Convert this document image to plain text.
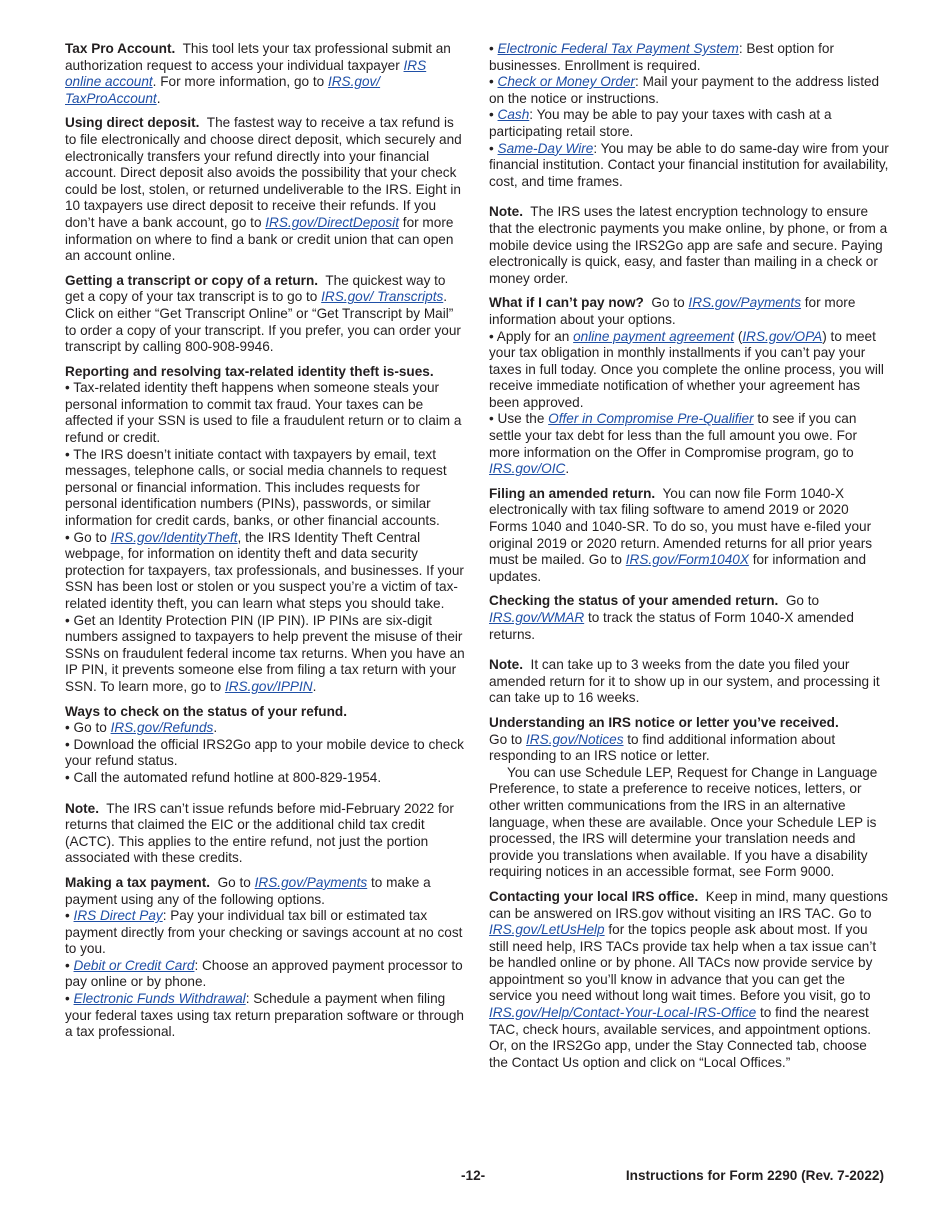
Tax Pro Account. This tool lets your tax professional submit an authorization request to access your individual taxpayer IRS online account. For more information, go to IRS.gov/ TaxProAccount.

Using direct deposit. The fastest way to receive a tax refund is to file electronically and choose direct deposit, which securely and electronically transfers your refund directly into your financial account. Direct deposit also avoids the possibility that your check could be lost, stolen, or returned undeliverable to the IRS. Eight in 10 taxpayers use direct deposit to receive their refunds. If you don’t have a bank account, go to IRS.gov/DirectDeposit for more information on where to find a bank or credit union that can open an account online.

Getting a transcript or copy of a return. The quickest way to get a copy of your tax transcript is to go to IRS.gov/ Transcripts. Click on either “Get Transcript Online” or “Get Transcript by Mail” to order a copy of your transcript. If you prefer, you can order your transcript by calling 800-908-9946.

Reporting and resolving tax-related identity theft is-sues.

• Tax-related identity theft happens when someone steals your personal information to commit tax fraud. Your taxes can be affected if your SSN is used to file a fraudulent return or to claim a refund or credit.

• The IRS doesn’t initiate contact with taxpayers by email, text messages, telephone calls, or social media channels to request personal or financial information. This includes requests for personal identification numbers (PINs), passwords, or similar information for credit cards, banks, or other financial accounts.

• Go to IRS.gov/IdentityTheft, the IRS Identity Theft Central webpage, for information on identity theft and data security protection for taxpayers, tax professionals, and businesses. If your SSN has been lost or stolen or you suspect you’re a victim of tax-related identity theft, you can learn what steps you should take.

• Get an Identity Protection PIN (IP PIN). IP PINs are six-digit numbers assigned to taxpayers to help prevent the misuse of their SSNs on fraudulent federal income tax returns. When you have an IP PIN, it prevents someone else from filing a tax return with your SSN. To learn more, go to IRS.gov/IPPIN.

Ways to check on the status of your refund.

• Go to IRS.gov/Refunds.

• Download the official IRS2Go app to your mobile device to check your refund status.

• Call the automated refund hotline at 800-829-1954.

Note. The IRS can’t issue refunds before mid-February 2022 for returns that claimed the EIC or the additional child tax credit (ACTC). This applies to the entire refund, not just the portion associated with these credits.

Making a tax payment. Go to IRS.gov/Payments to make a payment using any of the following options.

• IRS Direct Pay: Pay your individual tax bill or estimated tax payment directly from your checking or savings account at no cost to you.

• Debit or Credit Card: Choose an approved payment processor to pay online or by phone.

• Electronic Funds Withdrawal: Schedule a payment when filing your federal taxes using tax return preparation software or through a tax professional.

• Electronic Federal Tax Payment System: Best option for businesses. Enrollment is required.

• Check or Money Order: Mail your payment to the address listed on the notice or instructions.

• Cash: You may be able to pay your taxes with cash at a participating retail store.

• Same-Day Wire: You may be able to do same-day wire from your financial institution. Contact your financial institution for availability, cost, and time frames.

Note. The IRS uses the latest encryption technology to ensure that the electronic payments you make online, by phone, or from a mobile device using the IRS2Go app are safe and secure. Paying electronically is quick, easy, and faster than mailing in a check or money order.

What if I can’t pay now? Go to IRS.gov/Payments for more information about your options.

• Apply for an online payment agreement (IRS.gov/OPA) to meet your tax obligation in monthly installments if you can’t pay your taxes in full today. Once you complete the online process, you will receive immediate notification of whether your agreement has been approved.

• Use the Offer in Compromise Pre-Qualifier to see if you can settle your tax debt for less than the full amount you owe. For more information on the Offer in Compromise program, go to IRS.gov/OIC.

Filing an amended return. You can now file Form 1040-X electronically with tax filing software to amend 2019 or 2020 Forms 1040 and 1040-SR. To do so, you must have e-filed your original 2019 or 2020 return. Amended returns for all prior years must be mailed. Go to IRS.gov/Form1040X for information and updates.

Checking the status of your amended return. Go to IRS.gov/WMAR to track the status of Form 1040-X amended returns.

Note. It can take up to 3 weeks from the date you filed your amended return for it to show up in our system, and processing it can take up to 16 weeks.

Understanding an IRS notice or letter you’ve received.

Go to IRS.gov/Notices to find additional information about responding to an IRS notice or letter.

You can use Schedule LEP, Request for Change in Language Preference, to state a preference to receive notices, letters, or other written communications from the IRS in an alternative language, when these are available. Once your Schedule LEP is processed, the IRS will determine your translation needs and provide you translations when available. If you have a disability requiring notices in an accessible format, see Form 9000.

Contacting your local IRS office. Keep in mind, many questions can be answered on IRS.gov without visiting an IRS TAC. Go to IRS.gov/LetUsHelp for the topics people ask about most. If you still need help, IRS TACs provide tax help when a tax issue can’t be handled online or by phone. All TACs now provide service by appointment so you’ll know in advance that you can get the service you need without long wait times. Before you visit, go to IRS.gov/Help/Contact-Your-Local-IRS-Office to find the nearest TAC, check hours, available services, and appointment options. Or, on the IRS2Go app, under the Stay Connected tab, choose the Contact Us option and click on “Local Offices.”

-12-	Instructions for Form 2290 (Rev. 7-2022)
